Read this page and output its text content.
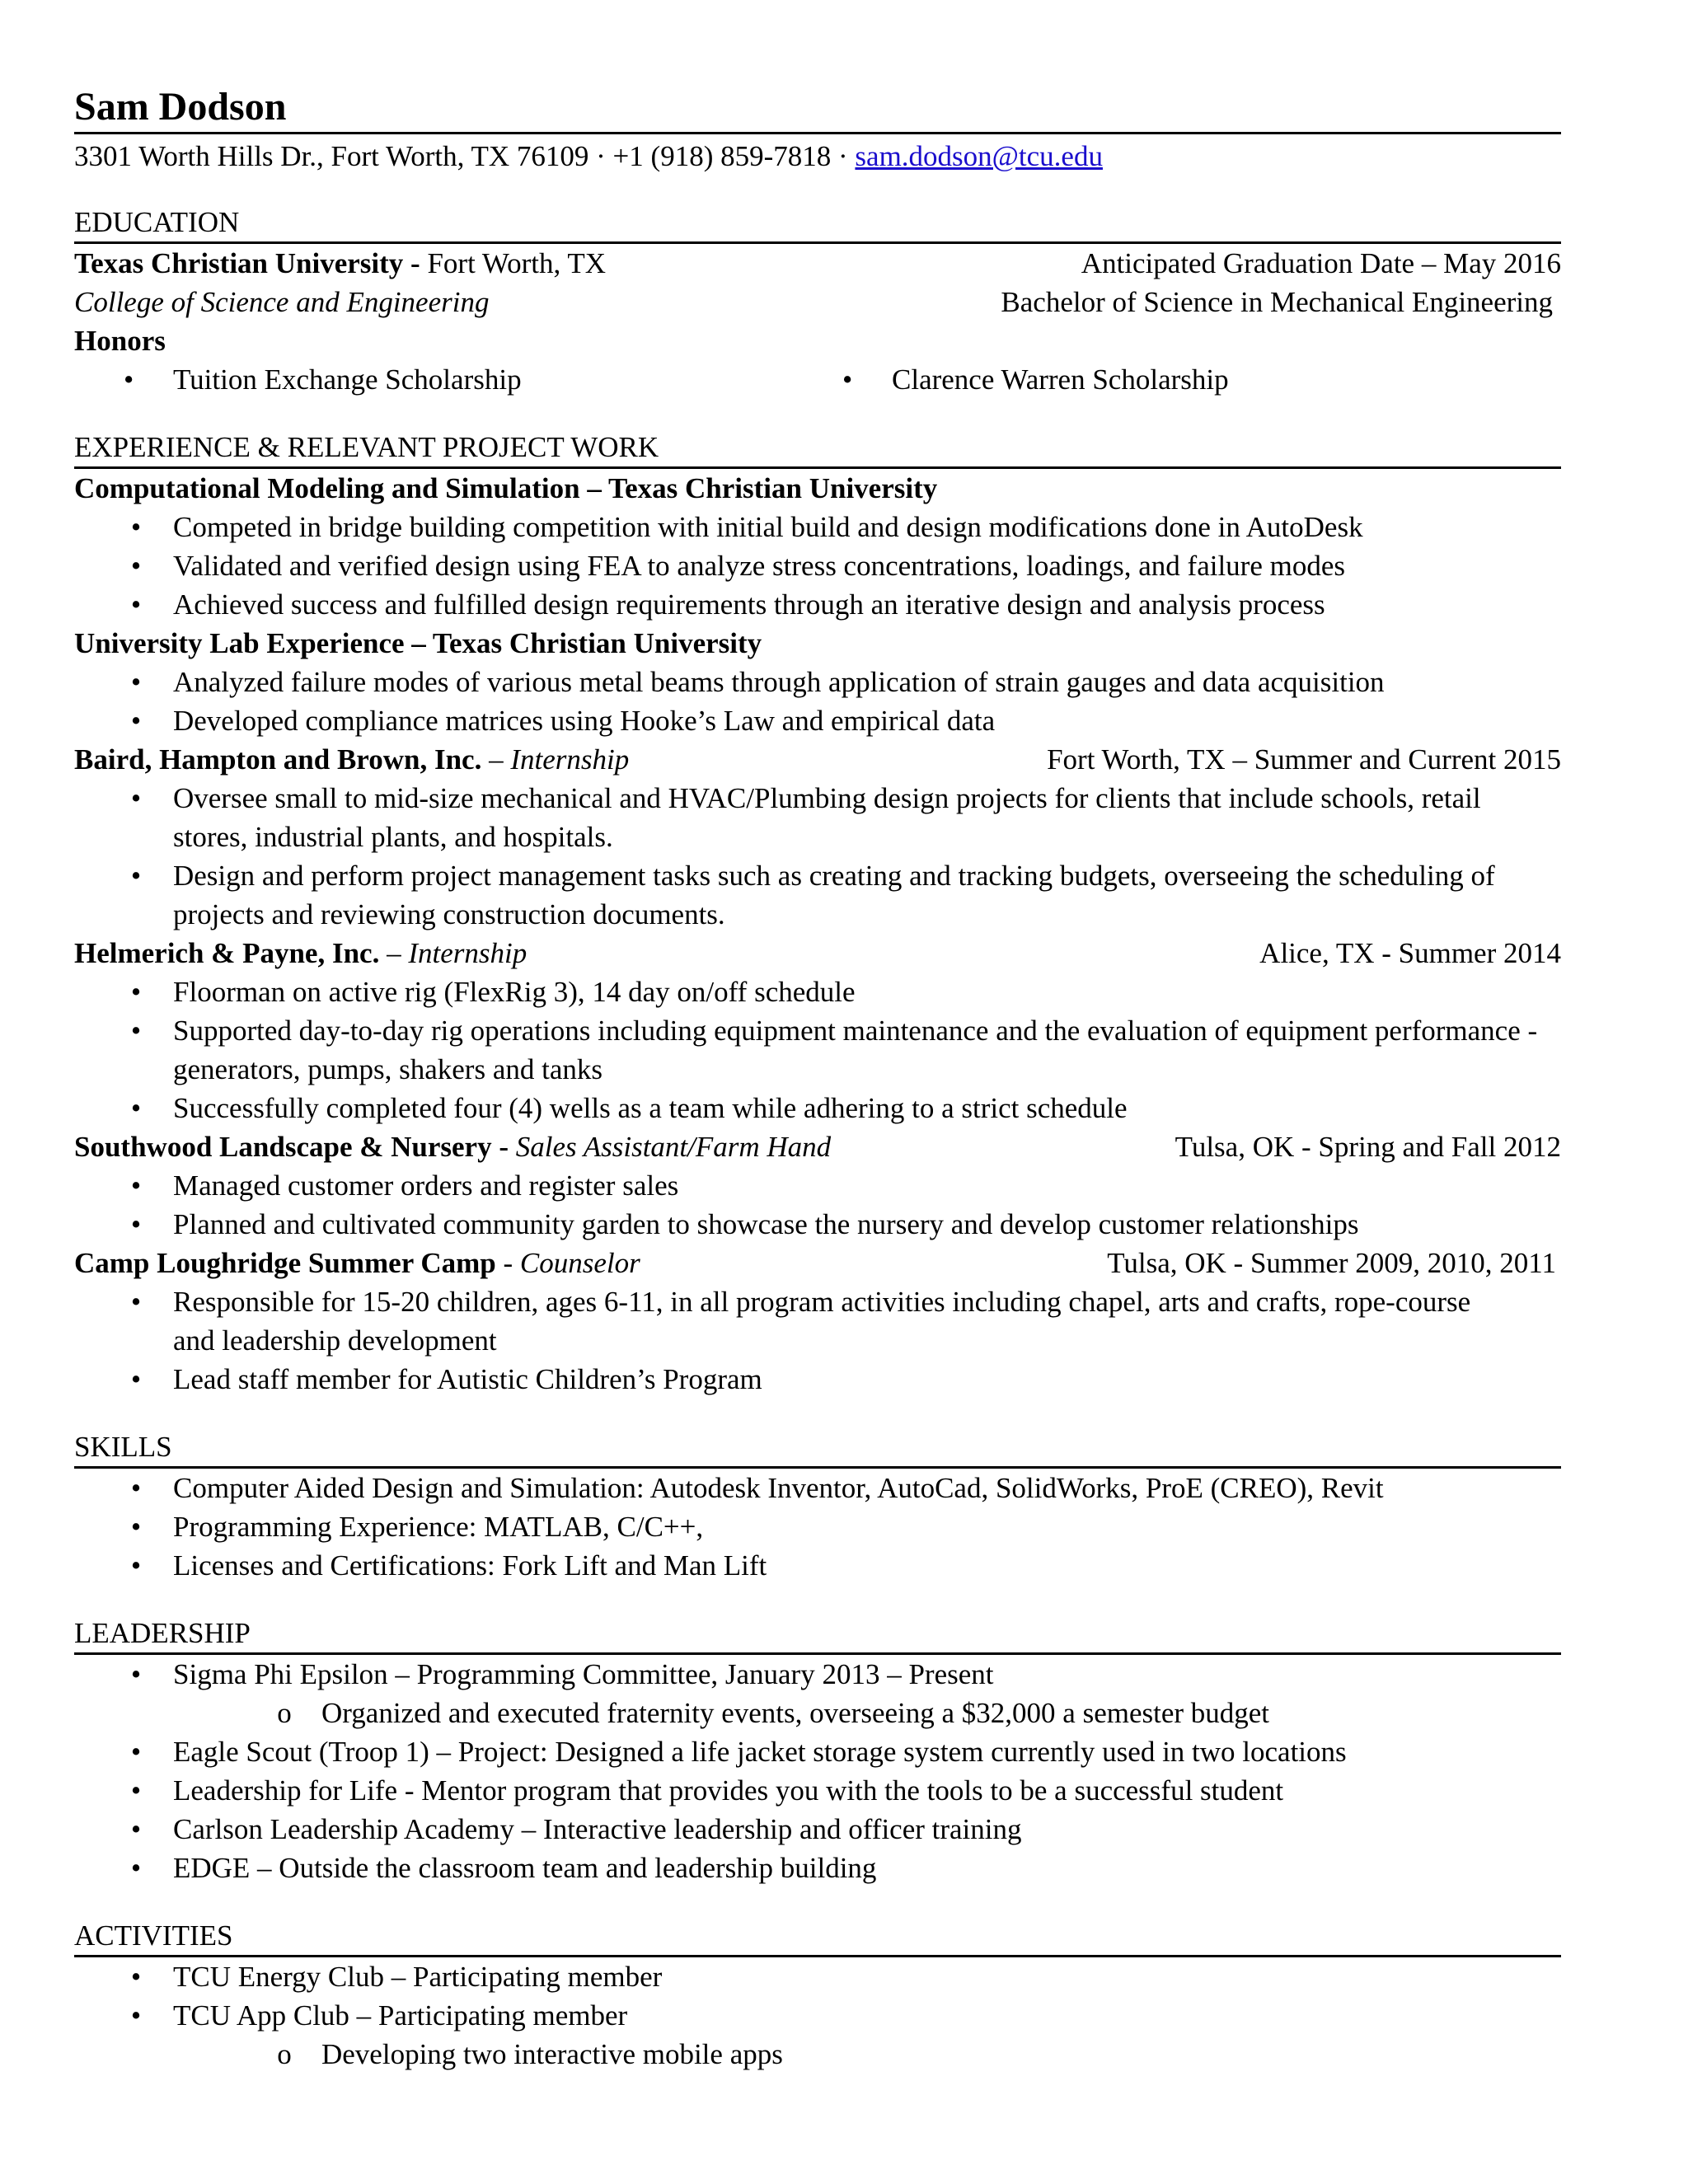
Sam Dodson
3301 Worth Hills Dr., Fort Worth, TX 76109 · +1 (918) 859-7818 · sam.dodson@tcu.edu
EDUCATION
Texas Christian University - Fort Worth, TX	Anticipated Graduation Date – May 2016
College of Science and Engineering	Bachelor of Science in Mechanical Engineering
Honors
•	Tuition Exchange Scholarship	•	Clarence Warren Scholarship
EXPERIENCE & RELEVANT PROJECT WORK
Computational Modeling and Simulation – Texas Christian University
• Competed in bridge building competition with initial build and design modifications done in AutoDesk
• Validated and verified design using FEA to analyze stress concentrations, loadings, and failure modes
• Achieved success and fulfilled design requirements through an iterative design and analysis process
University Lab Experience – Texas Christian University
• Analyzed failure modes of various metal beams through application of strain gauges and data acquisition
• Developed compliance matrices using Hooke’s Law and empirical data
Baird, Hampton and Brown, Inc. – Internship	Fort Worth, TX – Summer and Current 2015
• Oversee small to mid-size mechanical and HVAC/Plumbing design projects for clients that include schools, retail stores, industrial plants, and hospitals.
• Design and perform project management tasks such as creating and tracking budgets, overseeing the scheduling of projects and reviewing construction documents.
Helmerich & Payne, Inc. – Internship	Alice, TX - Summer 2014
• Floorman on active rig (FlexRig 3), 14 day on/off schedule
• Supported day-to-day rig operations including equipment maintenance and the evaluation of equipment performance - generators, pumps, shakers and tanks
• Successfully completed four (4) wells as a team while adhering to a strict schedule
Southwood Landscape & Nursery - Sales Assistant/Farm Hand	Tulsa, OK - Spring and Fall 2012
• Managed customer orders and register sales
• Planned and cultivated community garden to showcase the nursery and develop customer relationships
Camp Loughridge Summer Camp - Counselor	Tulsa, OK - Summer 2009, 2010, 2011
• Responsible for 15-20 children, ages 6-11, in all program activities including chapel, arts and crafts, rope-course and leadership development
• Lead staff member for Autistic Children’s Program
SKILLS
• Computer Aided Design and Simulation: Autodesk Inventor, AutoCad, SolidWorks, ProE (CREO), Revit
• Programming Experience: MATLAB, C/C++,
• Licenses and Certifications: Fork Lift and Man Lift
LEADERSHIP
• Sigma Phi Epsilon – Programming Committee, January 2013 – Present
o Organized and executed fraternity events, overseeing a $32,000 a semester budget
• Eagle Scout (Troop 1) – Project: Designed a life jacket storage system currently used in two locations
• Leadership for Life - Mentor program that provides you with the tools to be a successful student
• Carlson Leadership Academy – Interactive leadership and officer training
• EDGE – Outside the classroom team and leadership building
ACTIVITIES
• TCU Energy Club – Participating member
• TCU App Club – Participating member
o Developing two interactive mobile apps
